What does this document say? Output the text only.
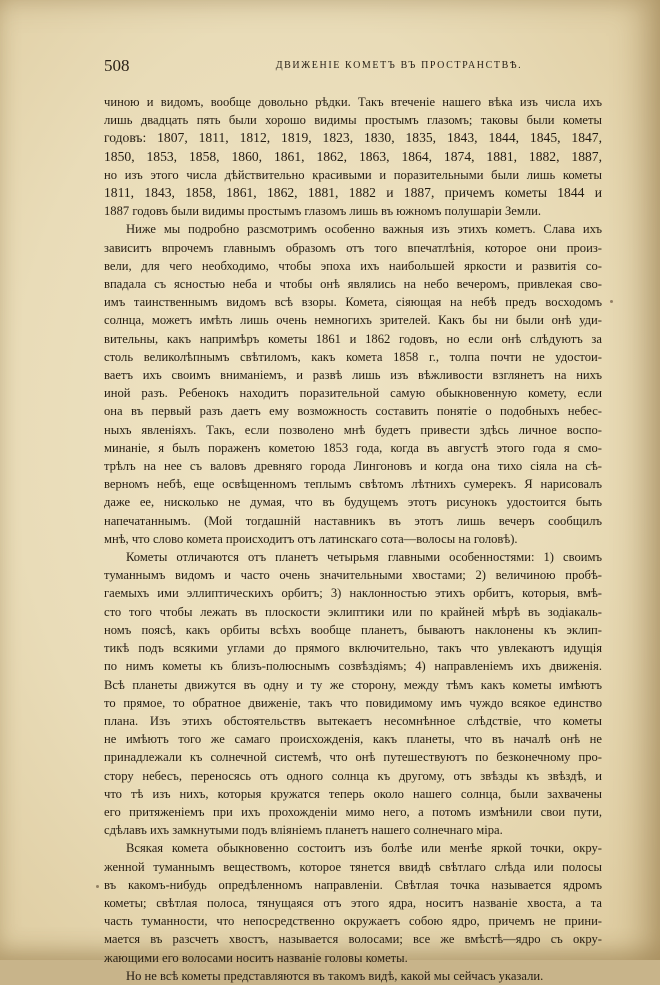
508	ДВИЖЕНІЕ КОМЕТЪ ВЪ ПРОСТРАНСТВѢ.
чиною и видомъ, вообще довольно рѣдки. Такъ втеченіе нашего вѣка изъ числа ихъ
лишь двадцать пять были хорошо видимы простымъ глазомъ; таковы были кометы
годовъ: 1807, 1811, 1812, 1819, 1823, 1830, 1835, 1843, 1844, 1845, 1847,
1850, 1853, 1858, 1860, 1861, 1862, 1863, 1864, 1874, 1881, 1882, 1887,
но изъ этого числа дѣйствительно красивыми и поразительными были лишь кометы
1811, 1843, 1858, 1861, 1862, 1881, 1882 и 1887, причемъ кометы 1844 и
1887 годовъ были видимы простымъ глазомъ лишь въ южномъ полушаріи Земли.
Ниже мы подробно разсмотримъ особенно важныя изъ этихъ кометъ. Слава ихъ
зависитъ впрочемъ главнымъ образомъ отъ того впечатлѣнія, которое они произ-
вели, для чего необходимо, чтобы эпоха ихъ наибольшей яркости и развитія со-
впадала съ ясностью неба и чтобы онѣ являлись на небо вечеромъ, привлекая сво-
имъ таинственнымъ видомъ всѣ взоры. Комета, сіяющая на небѣ предъ восходомъ
солнца, можетъ имѣть лишь очень немногихъ зрителей. Какъ бы ни были онѣ уди-
вительны, какъ напримѣръ кометы 1861 и 1862 годовъ, но если онѣ слѣдуютъ за
столь великолѣпнымъ свѣтиломъ, какъ комета 1858 г., толпа почти не удостои-
ваетъ ихъ своимъ вниманіемъ, и развѣ лишь изъ вѣжливости взглянетъ на нихъ
иной разъ. Ребенокъ находитъ поразительной самую обыкновенную комету, если
она въ первый разъ даетъ ему возможность составить понятіе о подобныхъ небес-
ныхъ явленіяхъ. Такъ, если позволено мнѣ будетъ привести здѣсь личное воспо-
минаніе, я былъ пораженъ кометою 1853 года, когда въ августѣ этого года я смо-
трѣлъ на нее съ валовъ древняго города Лингоновъ и когда она тихо сіяла на сѣ-
верномъ небѣ, еще освѣщенномъ теплымъ свѣтомъ лѣтнихъ сумерекъ. Я нарисовалъ
даже ее, нисколько не думая, что въ будущемъ этотъ рисунокъ удостоится быть
напечатаннымъ. (Мой тогдашній наставникъ въ этотъ лишь вечеръ сообщилъ
мнѣ, что слово комета происходитъ отъ латинскаго сота—волосы на головѣ).
Кометы отличаются отъ планетъ четырьмя главными особенностями: 1) своимъ
туманнымъ видомъ и часто очень значительными хвостами; 2) величиною пробѣ-
гаемыхъ ими эллиптическихъ орбитъ; 3) наклонностью этихъ орбитъ, которыя, вмѣ-
сто того чтобы лежать въ плоскости эклиптики или по крайней мѣрѣ въ зодіакаль-
номъ поясѣ, какъ орбиты всѣхъ вообще планетъ, бываютъ наклонены къ эклип-
тикѣ подъ всякими углами до прямого включительно, такъ что увлекаютъ идущія
по нимъ кометы къ близъ-полюснымъ созвѣздіямъ; 4) направленіемъ ихъ движенія.
Всѣ планеты движутся въ одну и ту же сторону, между тѣмъ какъ кометы имѣютъ
то прямое, то обратное движеніе, такъ что повидимому имъ чуждо всякое единство
плана. Изъ этихъ обстоятельствъ вытекаетъ несомнѣнное слѣдствіе, что кометы
не имѣютъ того же самаго происхожденія, какъ планеты, что въ началѣ онѣ не
принадлежали къ солнечной системѣ, что онѣ путешествуютъ по безконечному про-
стору небесъ, переносясь отъ одного солнца къ другому, отъ звѣзды къ звѣздѣ, и
что тѣ изъ нихъ, которыя кружатся теперь около нашего солнца, были захвачены
его притяженіемъ при ихъ прохожденіи мимо него, а потомъ измѣнили свои пути,
сдѣлавъ ихъ замкнутыми подъ вліяніемъ планетъ нашего солнечнаго міра.
Всякая комета обыкновенно состоитъ изъ болѣе или менѣе яркой точки, окру-
женной туманнымъ веществомъ, которое тянется ввидѣ свѣтлаго слѣда или полосы
въ какомъ-нибудь опредѣленномъ направленіи. Свѣтлая точка называется ядромъ
кометы; свѣтлая полоса, тянущаяся отъ этого ядра, носитъ названіе хвоста, а та
часть туманности, что непосредственно окружаетъ собою ядро, причемъ не прини-
мается въ разсчетъ хвостъ, называется волосами; все же вмѣстѣ—ядро съ окру-
жающими его волосами носитъ названіе головы кометы.
Но не всѣ кометы представляются въ такомъ видѣ, какой мы сейчасъ указали.
